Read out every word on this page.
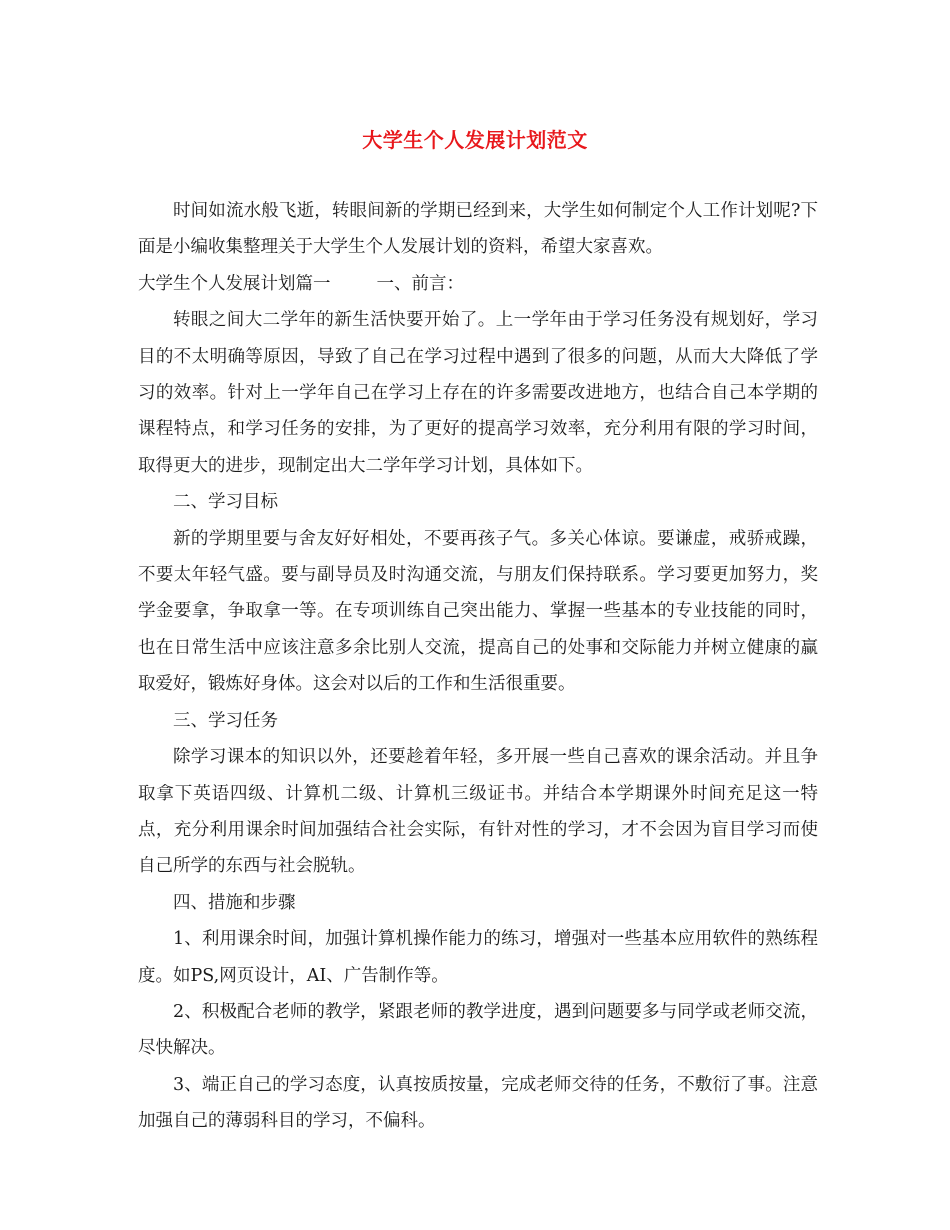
大学生个人发展计划范文

时间如流水般飞逝，转眼间新的学期已经到来，大学生如何制定个人工作计划呢?下面是小编收集整理关于大学生个人发展计划的资料，希望大家喜欢。

大学生个人发展计划篇一	一、前言：

转眼之间大二学年的新生活快要开始了。上一学年由于学习任务没有规划好，学习目的不太明确等原因，导致了自己在学习过程中遇到了很多的问题，从而大大降低了学习的效率。针对上一学年自己在学习上存在的许多需要改进地方，也结合自己本学期的课程特点，和学习任务的安排，为了更好的提高学习效率，充分利用有限的学习时间，取得更大的进步，现制定出大二学年学习计划，具体如下。

二、学习目标

新的学期里要与舍友好好相处，不要再孩子气。多关心体谅。要谦虚，戒骄戒躁，不要太年轻气盛。要与副导员及时沟通交流，与朋友们保持联系。学习要更加努力，奖学金要拿，争取拿一等。在专项训练自己突出能力、掌握一些基本的专业技能的同时，也在日常生活中应该注意多余比别人交流，提高自己的处事和交际能力并树立健康的赢取爱好，锻炼好身体。这会对以后的工作和生活很重要。

三、学习任务

除学习课本的知识以外，还要趁着年轻，多开展一些自己喜欢的课余活动。并且争取拿下英语四级、计算机二级、计算机三级证书。并结合本学期课外时间充足这一特点，充分利用课余时间加强结合社会实际，有针对性的学习，才不会因为盲目学习而使自己所学的东西与社会脱轨。

四、措施和步骤

1、利用课余时间，加强计算机操作能力的练习，增强对一些基本应用软件的熟练程度。如PS,网页设计，AI、广告制作等。

2、积极配合老师的教学，紧跟老师的教学进度，遇到问题要多与同学或老师交流，尽快解决。

3、端正自己的学习态度，认真按质按量，完成老师交待的任务，不敷衍了事。注意加强自己的薄弱科目的学习，不偏科。
